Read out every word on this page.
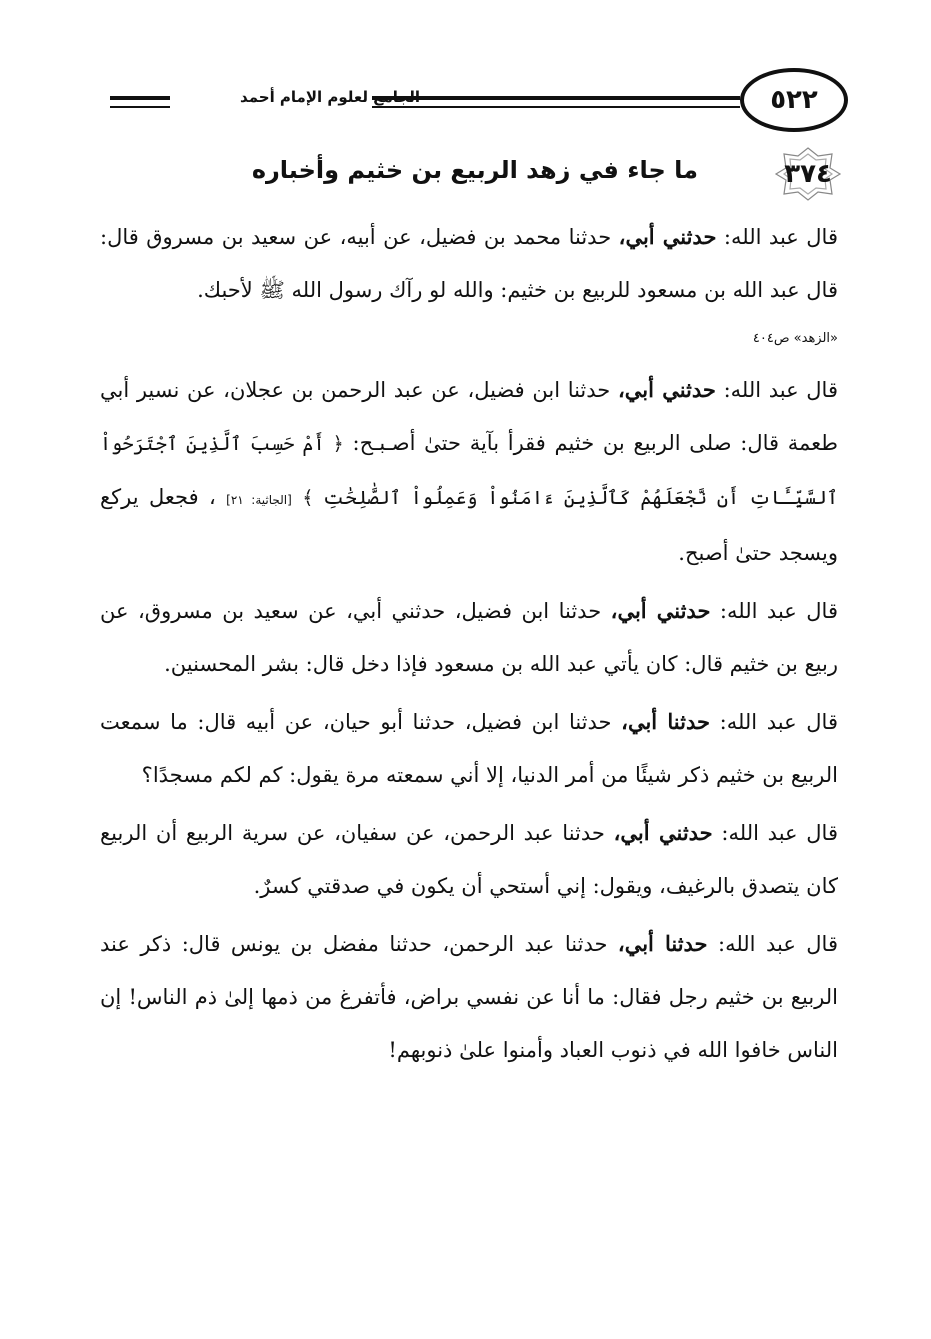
٥٢٢
الجامع لعلوم الإمام أحمد
٣٧٤
ما جاء في زهد الربيع بن خثيم وأخباره

قال عبد الله: حدثني أبي، حدثنا محمد بن فضيل، عن أبيه، عن سعيد بن مسروق قال: قال عبد الله بن مسعود للربيع بن خثيم: والله لو رآك رسول الله ﷺ لأحبك.

«الزهد» ص٤٠٤

قال عبد الله: حدثني أبي، حدثنا ابن فضيل، عن عبد الرحمن بن عجلان، عن نسير أبي طعمة قال: صلى الربيع بن خثيم فقرأ بآية حتىٰ أصـبـح: ﴿ أَمْ حَسِبَ ٱلَّذِينَ ٱجْتَرَحُواْ ٱلسَّيِّـَٔاتِ أَن نَّجْعَلَهُمْ كَٱلَّذِينَ ءَامَنُواْ وَعَمِلُواْ ٱلصَّٰلِحَٰتِ ﴾ [الجاثية: ٢١] ، فجعل يركع ويسجد حتىٰ أصبح.

قال عبد الله: حدثني أبي، حدثنا ابن فضيل، حدثني أبي، عن سعيد بن مسروق، عن ربيع بن خثيم قال: كان يأتي عبد الله بن مسعود فإذا دخل قال: بشر المحسنين.

قال عبد الله: حدثنا أبي، حدثنا ابن فضيل، حدثنا أبو حيان، عن أبيه قال: ما سمعت الربيع بن خثيم ذكر شيئًا من أمر الدنيا، إلا أني سمعته مرة يقول: كم لكم مسجدًا؟

قال عبد الله: حدثني أبي، حدثنا عبد الرحمن، عن سفيان، عن سرية الربيع أن الربيع كان يتصدق بالرغيف، ويقول: إني أستحي أن يكون في صدقتي كسرٌ.

قال عبد الله: حدثنا أبي، حدثنا عبد الرحمن، حدثنا مفضل بن يونس قال: ذكر عند الربيع بن خثيم رجل فقال: ما أنا عن نفسي براض، فأتفرغ من ذمها إلىٰ ذم الناس! إن الناس خافوا الله في ذنوب العباد وأمنوا علىٰ ذنوبهم!
